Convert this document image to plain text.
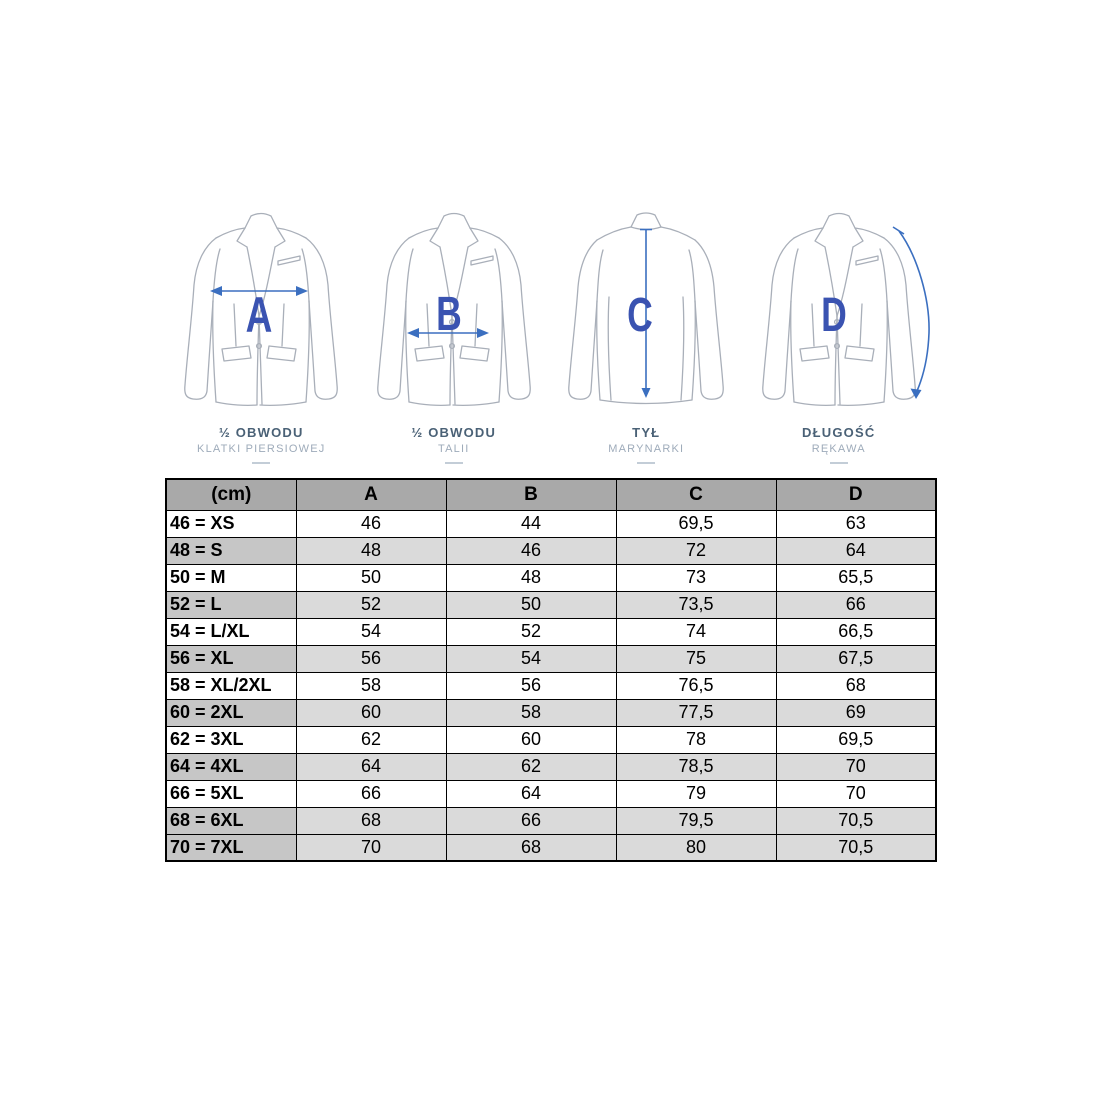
A
½ OBWODU
KLATKI PIERSIOWEJ
B
½ OBWODU
TALII
C
TYŁ
MARYNARKI
D
DŁUGOŚĆ
RĘKAWA
(cm)	A	B	C	D
46 = XS	46	44	69,5	63
48 = S	48	46	72	64
50 = M	50	48	73	65,5
52 = L	52	50	73,5	66
54 = L/XL	54	52	74	66,5
56 = XL	56	54	75	67,5
58 = XL/2XL	58	56	76,5	68
60 = 2XL	60	58	77,5	69
62 = 3XL	62	60	78	69,5
64 = 4XL	64	62	78,5	70
66 = 5XL	66	64	79	70
68 = 6XL	68	66	79,5	70,5
70 = 7XL	70	68	80	70,5
